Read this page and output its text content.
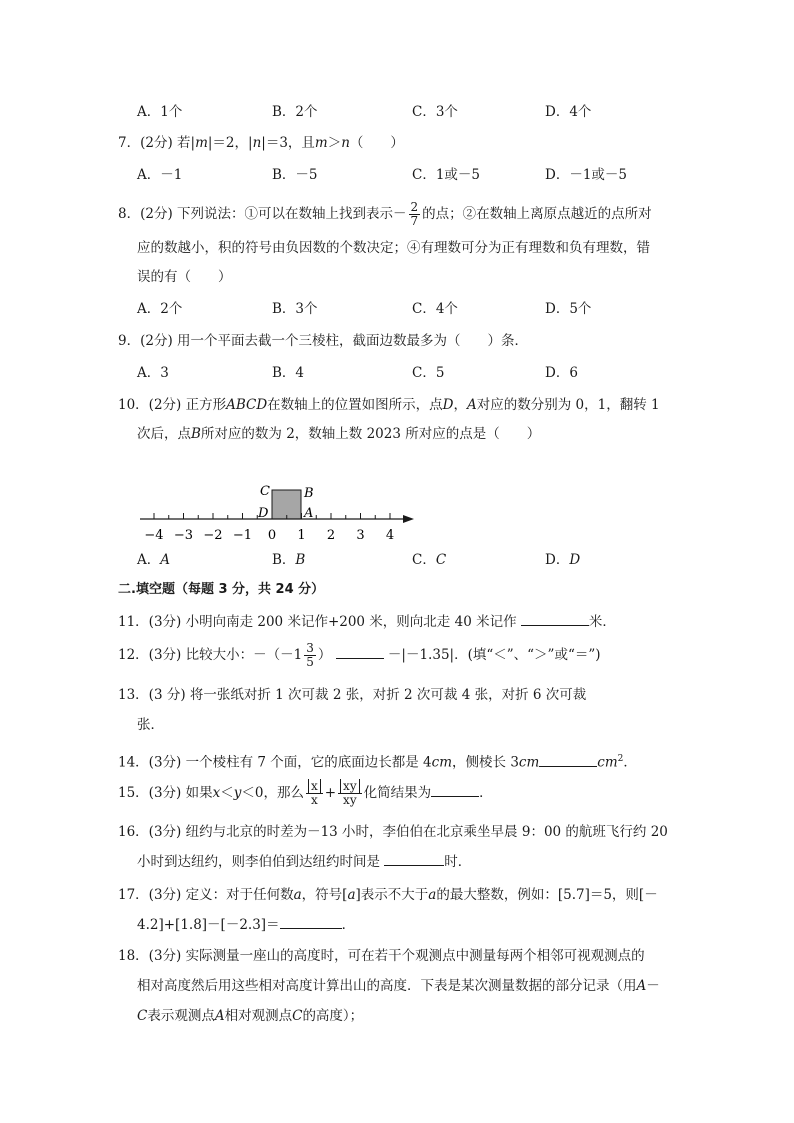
A．1个	B．2个	C．3个	D．4个
7．(2分) 若|m|＝2，|n|＝3，且m＞n（　　）
A．－1	B．－5	C．1或－5	D．－1或－5
8．(2分) 下列说法：①可以在数轴上找到表示－ $\frac{2}{7}$ 的点；②在数轴上离原点越近的点所对
应的数越小，积的符号由负因数的个数决定；④有理数可分为正有理数和负有理数，错
误的有（　　）
A．2个	B．3个	C．4个	D．5个
9．(2分) 用一个平面去截一个三棱柱，截面边数最多为（　　）条．
A．3	B．4	C．5	D．6
10．(2分) 正方形ABCD在数轴上的位置如图所示，点D，A对应的数分别为 0，1，翻转 1
次后，点B所对应的数为 2，数轴上数 2023 所对应的点是（　　）
−4 −3 −2 −1 0 1 2 3 4
C	B
D	A
A．A	B．B	C．C	D．D
二.填空题（每题 3 分，共 24 分）
11．(3分) 小明向南走 200 米记作+200 米，则向北走 40 米记作	米．
12．(3分) 比较大小：$-(-1 \frac{3}{5}$ ）	－|－1.35|．(填“＜”、“＞”或“＝”)
13．(3 分) 将一张纸对折 1 次可裁 2 张，对折 2 次可裁 4 张，对折 6 次可裁
张．
14．(3分) 一个棱柱有 7 个面，它的底面边长都是 4cm，侧棱长 3cm	$cm^2$．
15．(3分) 如果x＜y＜0，那么 $\frac{x}{x} + \frac{xy}{xy}$ 化简结果为	．
16．(3分) 纽约与北京的时差为－13 小时，李伯伯在北京乘坐早晨 9：00 的航班飞行约 20
小时到达纽约，则李伯伯到达纽约时间是	时．
17．(3分) 定义：对于任何数a，符号[a]表示不大于a的最大整数，例如：[5.7]＝5，则[－
4.2]+[1.8]－[－2.3]＝	．
18．(3分) 实际测量一座山的高度时，可在若干个观测点中测量每两个相邻可视观测点的
相对高度然后用这些相对高度计算出山的高度．下表是某次测量数据的部分记录（用A－
C表示观测点A相对观测点C的高度）；
